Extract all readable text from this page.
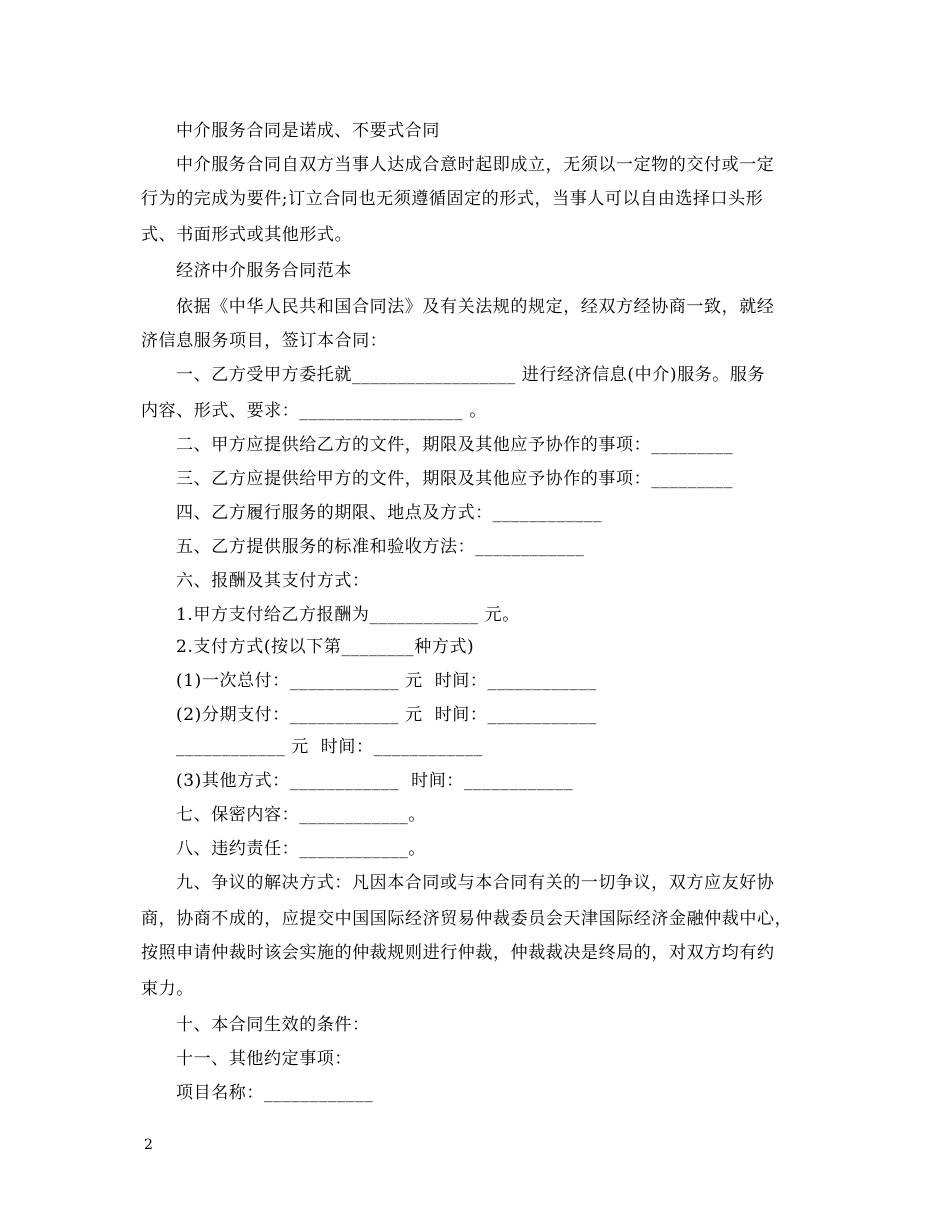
中介服务合同是诺成、不要式合同
中介服务合同自双方当事人达成合意时起即成立，无须以一定物的交付或一定
行为的完成为要件;订立合同也无须遵循固定的形式，当事人可以自由选择口头形
式、书面形式或其他形式。
经济中介服务合同范本
依据《中华人民共和国合同法》及有关法规的规定，经双方经协商一致，就经
济信息服务项目，签订本合同：
一、乙方受甲方委托就__________________ 进行经济信息(中介)服务。服务
内容、形式、要求：__________________ 。
二、甲方应提供给乙方的文件，期限及其他应予协作的事项：_________
三、乙方应提供给甲方的文件，期限及其他应予协作的事项：_________
四、乙方履行服务的期限、地点及方式：____________
五、乙方提供服务的标准和验收方法：____________
六、报酬及其支付方式：
1.甲方支付给乙方报酬为____________ 元。
2.支付方式(按以下第________种方式)
(1)一次总付：____________ 元  时间：____________
(2)分期支付：____________ 元  时间：____________
____________ 元  时间：____________
(3)其他方式：____________  时间：____________
七、保密内容：____________。
八、违约责任：____________。
九、争议的解决方式：凡因本合同或与本合同有关的一切争议，双方应友好协
商，协商不成的，应提交中国国际经济贸易仲裁委员会天津国际经济金融仲裁中心，
按照申请仲裁时该会实施的仲裁规则进行仲裁，仲裁裁决是终局的，对双方均有约
束力。
十、本合同生效的条件：
十一、其他约定事项：
项目名称：____________
2
